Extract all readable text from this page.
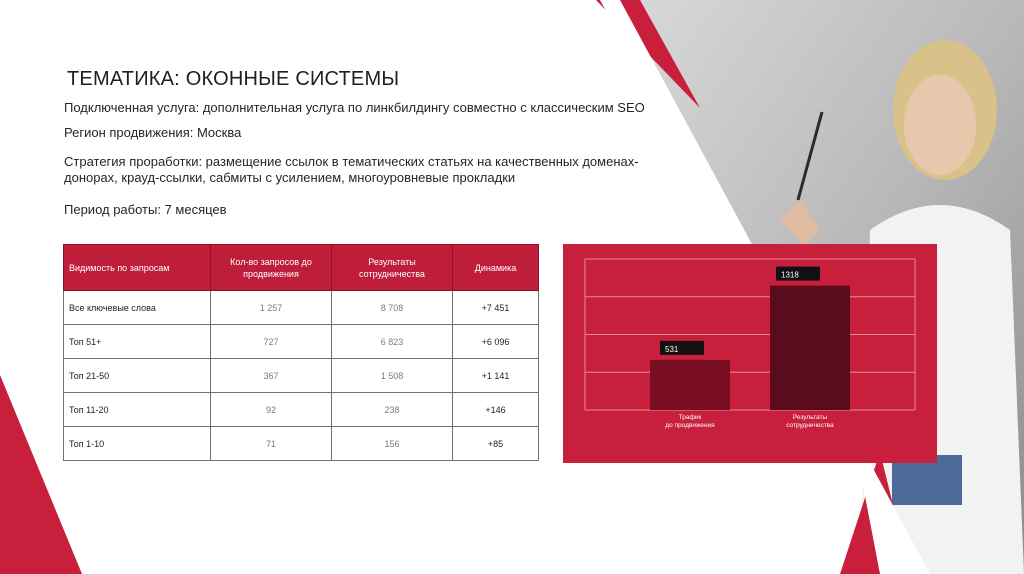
ТЕМАТИКА: ОКОННЫЕ СИСТЕМЫ
Подключенная услуга: дополнительная услуга по линкбилдингу совместно с классическим SEO
Регион продвижения: Москва
Стратегия проработки: размещение ссылок в тематических статьях на качественных доменах-донорах, крауд-ссылки, сабмиты с усилением, многоуровневые прокладки
Период работы: 7 месяцев
Видимость по запросам	Кол-во запросов до продвижения	Результаты сотрудничества	Динамика
Все ключевые слова	1 257	8 708	+7 451
Топ 51+	727	6 823	+6 096
Топ 21-50	367	1 508	+1 141
Топ 11-20	92	238	+146
Топ 1-10	71	156	+85
531
Трафик до продвижения
1318
Результаты сотрудничества
